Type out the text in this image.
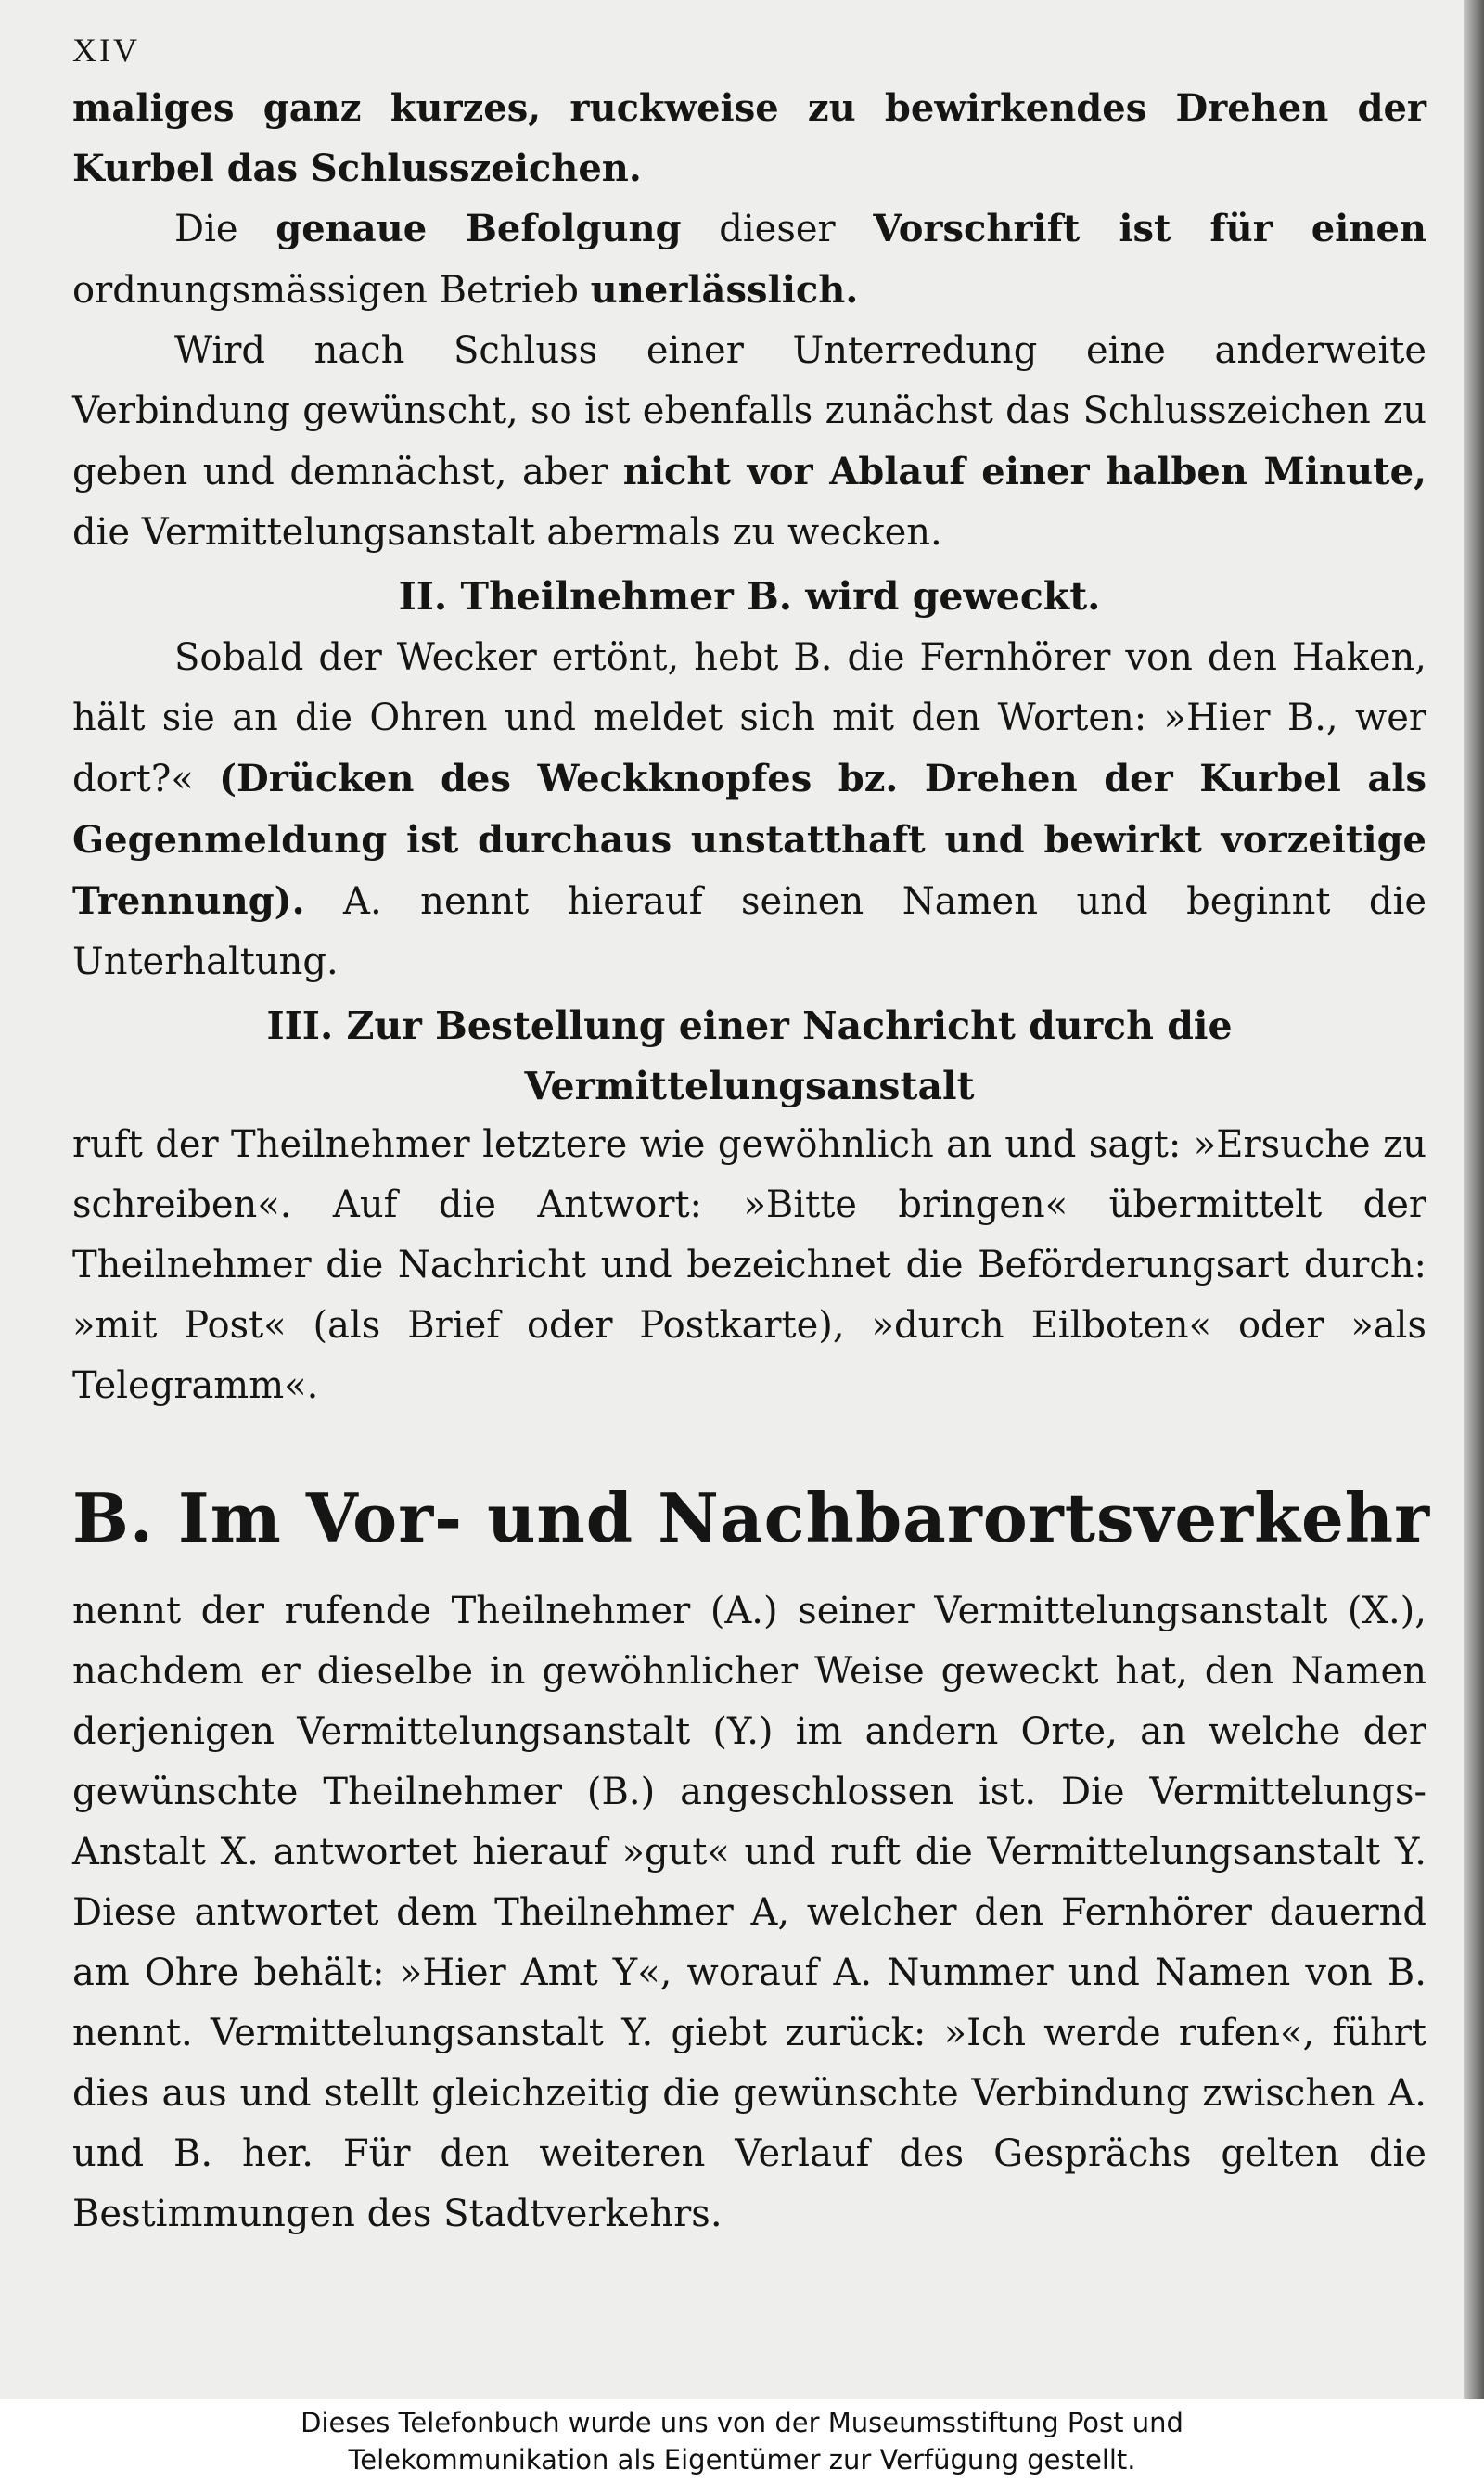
XIV

maliges ganz kurzes, ruckweise zu bewirkendes Drehen der Kurbel das Schlusszeichen.

Die genaue Befolgung dieser Vorschrift ist für einen ordnungsmässigen Betrieb unerlässlich.

Wird nach Schluss einer Unterredung eine anderweite Verbindung gewünscht, so ist ebenfalls zunächst das Schlusszeichen zu geben und demnächst, aber nicht vor Ablauf einer halben Minute, die Vermittelungsanstalt abermals zu wecken.

II. Theilnehmer B. wird geweckt.

Sobald der Wecker ertönt, hebt B. die Fernhörer von den Haken, hält sie an die Ohren und meldet sich mit den Worten: »Hier B., wer dort?« (Drücken des Weckknopfes bz. Drehen der Kurbel als Gegenmeldung ist durchaus unstatthaft und bewirkt vorzeitige Trennung). A. nennt hierauf seinen Namen und beginnt die Unterhaltung.

III. Zur Bestellung einer Nachricht durch die
Vermittelungsanstalt

ruft der Theilnehmer letztere wie gewöhnlich an und sagt: »Ersuche zu schreiben«. Auf die Antwort: »Bitte bringen« übermittelt der Theilnehmer die Nachricht und bezeichnet die Beförderungsart durch: »mit Post« (als Brief oder Postkarte), »durch Eilboten« oder »als Telegramm«.

B. Im Vor- und Nachbarortsverkehr

nennt der rufende Theilnehmer (A.) seiner Vermittelungsanstalt (X.), nachdem er dieselbe in gewöhnlicher Weise geweckt hat, den Namen derjenigen Vermittelungsanstalt (Y.) im andern Orte, an welche der gewünschte Theilnehmer (B.) angeschlossen ist. Die Vermittelungs-Anstalt X. antwortet hierauf »gut« und ruft die Vermittelungsanstalt Y. Diese antwortet dem Theilnehmer A, welcher den Fernhörer dauernd am Ohre behält: »Hier Amt Y«, worauf A. Nummer und Namen von B. nennt. Vermittelungsanstalt Y. giebt zurück: »Ich werde rufen«, führt dies aus und stellt gleichzeitig die gewünschte Verbindung zwischen A. und B. her. Für den weiteren Verlauf des Gesprächs gelten die Bestimmungen des Stadtverkehrs.

Dieses Telefonbuch wurde uns von der Museumsstiftung Post und
Telekommunikation als Eigentümer zur Verfügung gestellt.
